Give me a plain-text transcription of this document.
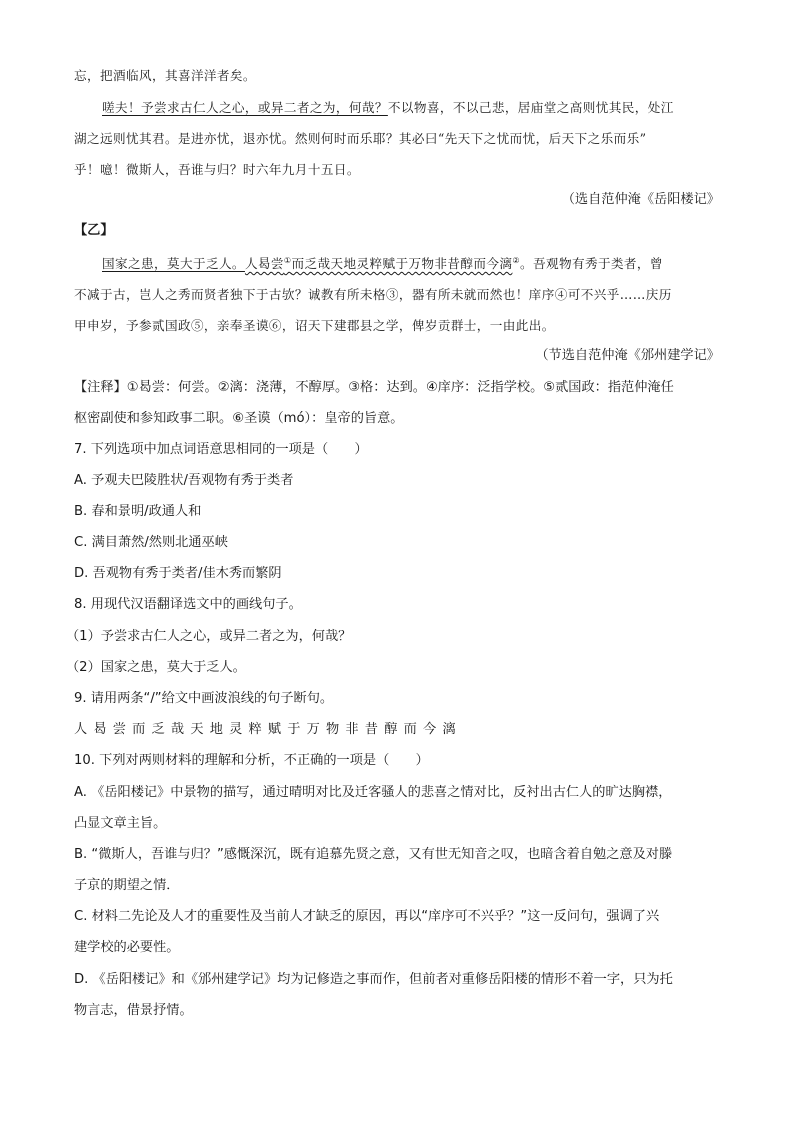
忘，把酒临风，其喜洋洋者矣。
嗟夫！予尝求古仁人之心，或异二者之为，何哉？不以物喜，不以己悲，居庙堂之高则忧其民，处江
湖之远则忧其君。是进亦忧，退亦忧。然则何时而乐耶？其必曰“先天下之忧而忧，后天下之乐而乐”
乎！噫！微斯人，吾谁与归？时六年九月十五日。
（选自范仲淹《岳阳楼记》
【乙】
国家之患，莫大于乏人。人曷尝①而乏哉天地灵粹赋于万物非昔醇而今漓②。吾观物有秀于类者，曾
不减于古，岂人之秀而贤者独下于古欤？诚教有所未格③，器有所未就而然也！庠序④可不兴乎……庆历
甲申岁，予参贰国政⑤，亲奉圣谟⑥，诏天下建郡县之学，俾岁贡群士，一由此出。
（节选自范仲淹《邠州建学记》
【注释】①曷尝：何尝。②漓：浇薄，不醇厚。③格：达到。④庠序：泛指学校。⑤贰国政：指范仲淹任
枢密副使和参知政事二职。⑥圣谟（mó）：皇帝的旨意。
7. 下列选项中加点词语意思相同的一项是（　　）
A. 予观夫巴陵胜状/吾观物有秀于类者
B. 春和景明/政通人和
C. 满目萧然/然则北通巫峡
D. 吾观物有秀于类者/佳木秀而繁阴
8. 用现代汉语翻译选文中的画线句子。
（1）予尝求古仁人之心，或异二者之为，何哉？
（2）国家之患，莫大于乏人。
9. 请用两条“/”给文中画波浪线的句子断句。
人曷尝而乏哉天地灵粹赋于万物非昔醇而今漓
10. 下列对两则材料的理解和分析，不正确的一项是（　　）
A. 《岳阳楼记》中景物的描写，通过晴明对比及迁客骚人的悲喜之情对比，反衬出古仁人的旷达胸襟，
凸显文章主旨。
B. “微斯人，吾谁与归？”感慨深沉，既有追慕先贤之意，又有世无知音之叹，也暗含着自勉之意及对滕
子京的期望之情．
C. 材料二先论及人才的重要性及当前人才缺乏的原因，再以“庠序可不兴乎？”这一反问句，强调了兴
建学校的必要性。
D. 《岳阳楼记》和《邠州建学记》均为记修造之事而作，但前者对重修岳阳楼的情形不着一字，只为托
物言志，借景抒情。
